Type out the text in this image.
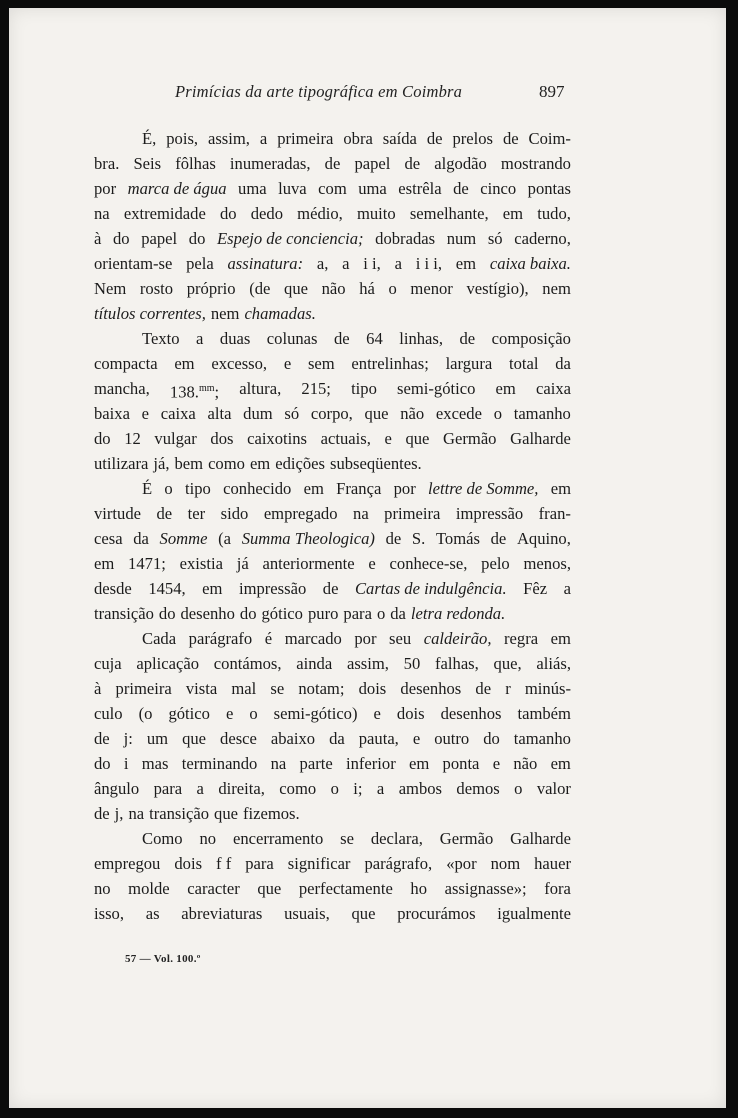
Primícias da arte tipográfica em Coimbra	897
É, pois, assim, a primeira obra saída de prelos de Coim-
bra. Seis fôlhas inumeradas, de papel de algodão mostrando
por marca de água uma luva com uma estrêla de cinco pontas
na extremidade do dedo médio, muito semelhante, em tudo,
à do papel do Espejo de conciencia; dobradas num só caderno,
orientam-se pela assinatura: a, a i i, a i i i, em caixa baixa.
Nem rosto próprio (de que não há o menor vestígio), nem
títulos correntes, nem chamadas.
Texto a duas colunas de 64 linhas, de composição
compacta em excesso, e sem entrelinhas; largura total da
mancha, 138.$^{mm}$; altura, 215; tipo semi-gótico em caixa
baixa e caixa alta dum só corpo, que não excede o tamanho
do 12 vulgar dos caixotins actuais, e que Germão Galharde
utilizara já, bem como em edições subseqüentes.
É o tipo conhecido em França por lettre de Somme, em
virtude de ter sido empregado na primeira impressão fran-
cesa da Somme (a Summa Theologica) de S. Tomás de Aquino,
em 1471; existia já anteriormente e conhece-se, pelo menos,
desde 1454, em impressão de Cartas de indulgência. Fêz a
transição do desenho do gótico puro para o da letra redonda.
Cada parágrafo é marcado por seu caldeirão, regra em
cuja aplicação contámos, ainda assim, 50 falhas, que, aliás,
à primeira vista mal se notam; dois desenhos de r minús-
culo (o gótico e o semi-gótico) e dois desenhos também
de j: um que desce abaixo da pauta, e outro do tamanho
do i mas terminando na parte inferior em ponta e não em
ângulo para a direita, como o i; a ambos demos o valor
de j, na transição que fizemos.
Como no encerramento se declara, Germão Galharde
empregou dois f f para significar parágrafo, «por nom hauer
no molde caracter que perfectamente ho assignasse»; fora
isso, as abreviaturas usuais, que procurámos igualmente
57 — Vol. 100.º
